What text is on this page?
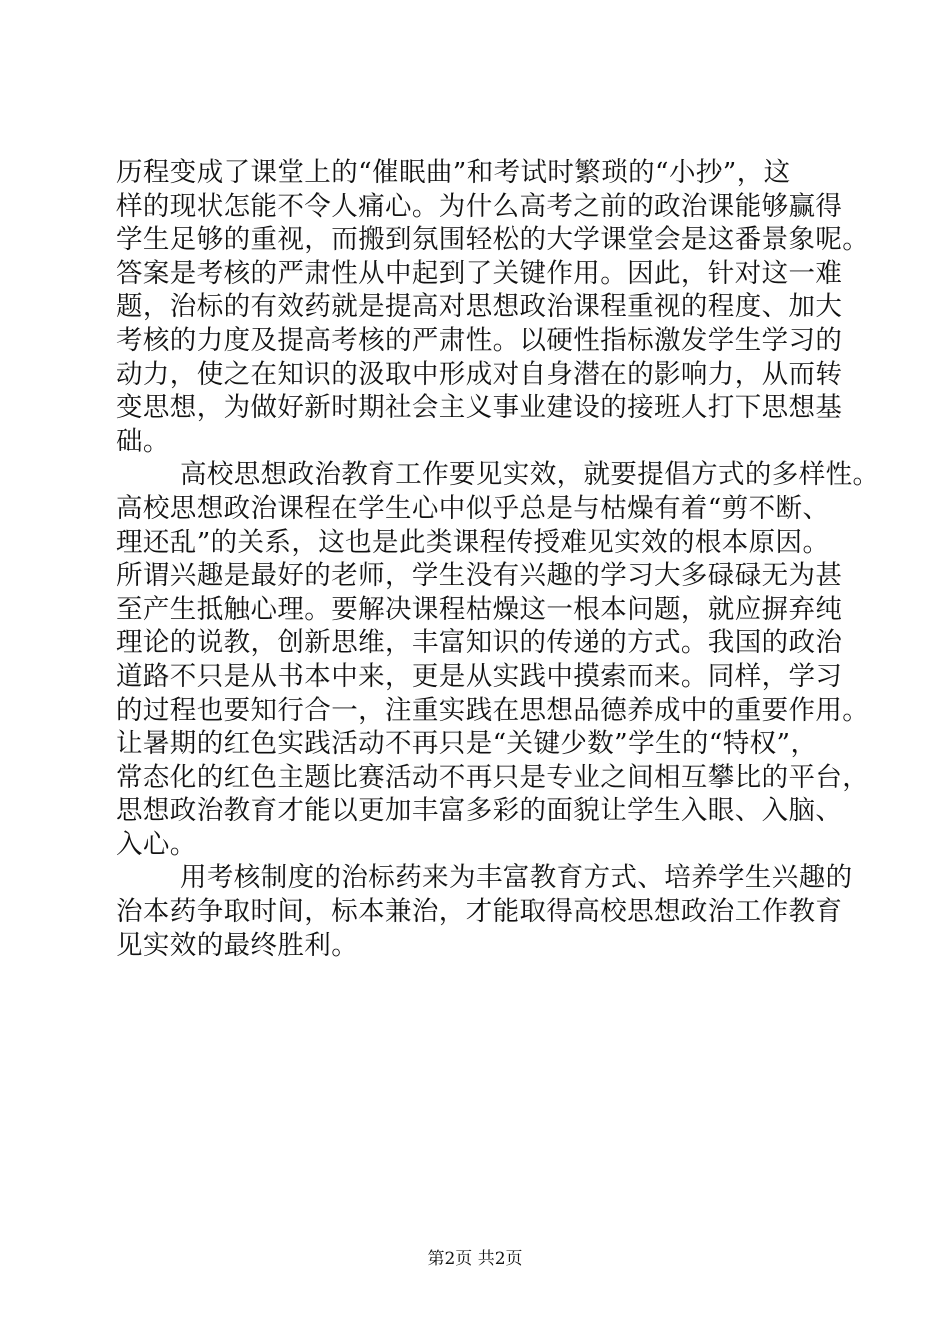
历程变成了课堂上的“催眠曲”和考试时繁琐的“小抄”，这
样的现状怎能不令人痛心。为什么高考之前的政治课能够赢得
学生足够的重视，而搬到氛围轻松的大学课堂会是这番景象呢。
答案是考核的严肃性从中起到了关键作用。因此，针对这一难
题，治标的有效药就是提高对思想政治课程重视的程度、加大
考核的力度及提高考核的严肃性。以硬性指标激发学生学习的
动力，使之在知识的汲取中形成对自身潜在的影响力，从而转
变思想，为做好新时期社会主义事业建设的接班人打下思想基
础。
高校思想政治教育工作要见实效，就要提倡方式的多样性。
高校思想政治课程在学生心中似乎总是与枯燥有着“剪不断、
理还乱”的关系，这也是此类课程传授难见实效的根本原因。
所谓兴趣是最好的老师，学生没有兴趣的学习大多碌碌无为甚
至产生抵触心理。要解决课程枯燥这一根本问题，就应摒弃纯
理论的说教，创新思维，丰富知识的传递的方式。我国的政治
道路不只是从书本中来，更是从实践中摸索而来。同样，学习
的过程也要知行合一，注重实践在思想品德养成中的重要作用。
让暑期的红色实践活动不再只是“关键少数”学生的“特权”，
常态化的红色主题比赛活动不再只是专业之间相互攀比的平台，
思想政治教育才能以更加丰富多彩的面貌让学生入眼、入脑、
入心。
用考核制度的治标药来为丰富教育方式、培养学生兴趣的
治本药争取时间，标本兼治，才能取得高校思想政治工作教育
见实效的最终胜利。
第2页 共2页
